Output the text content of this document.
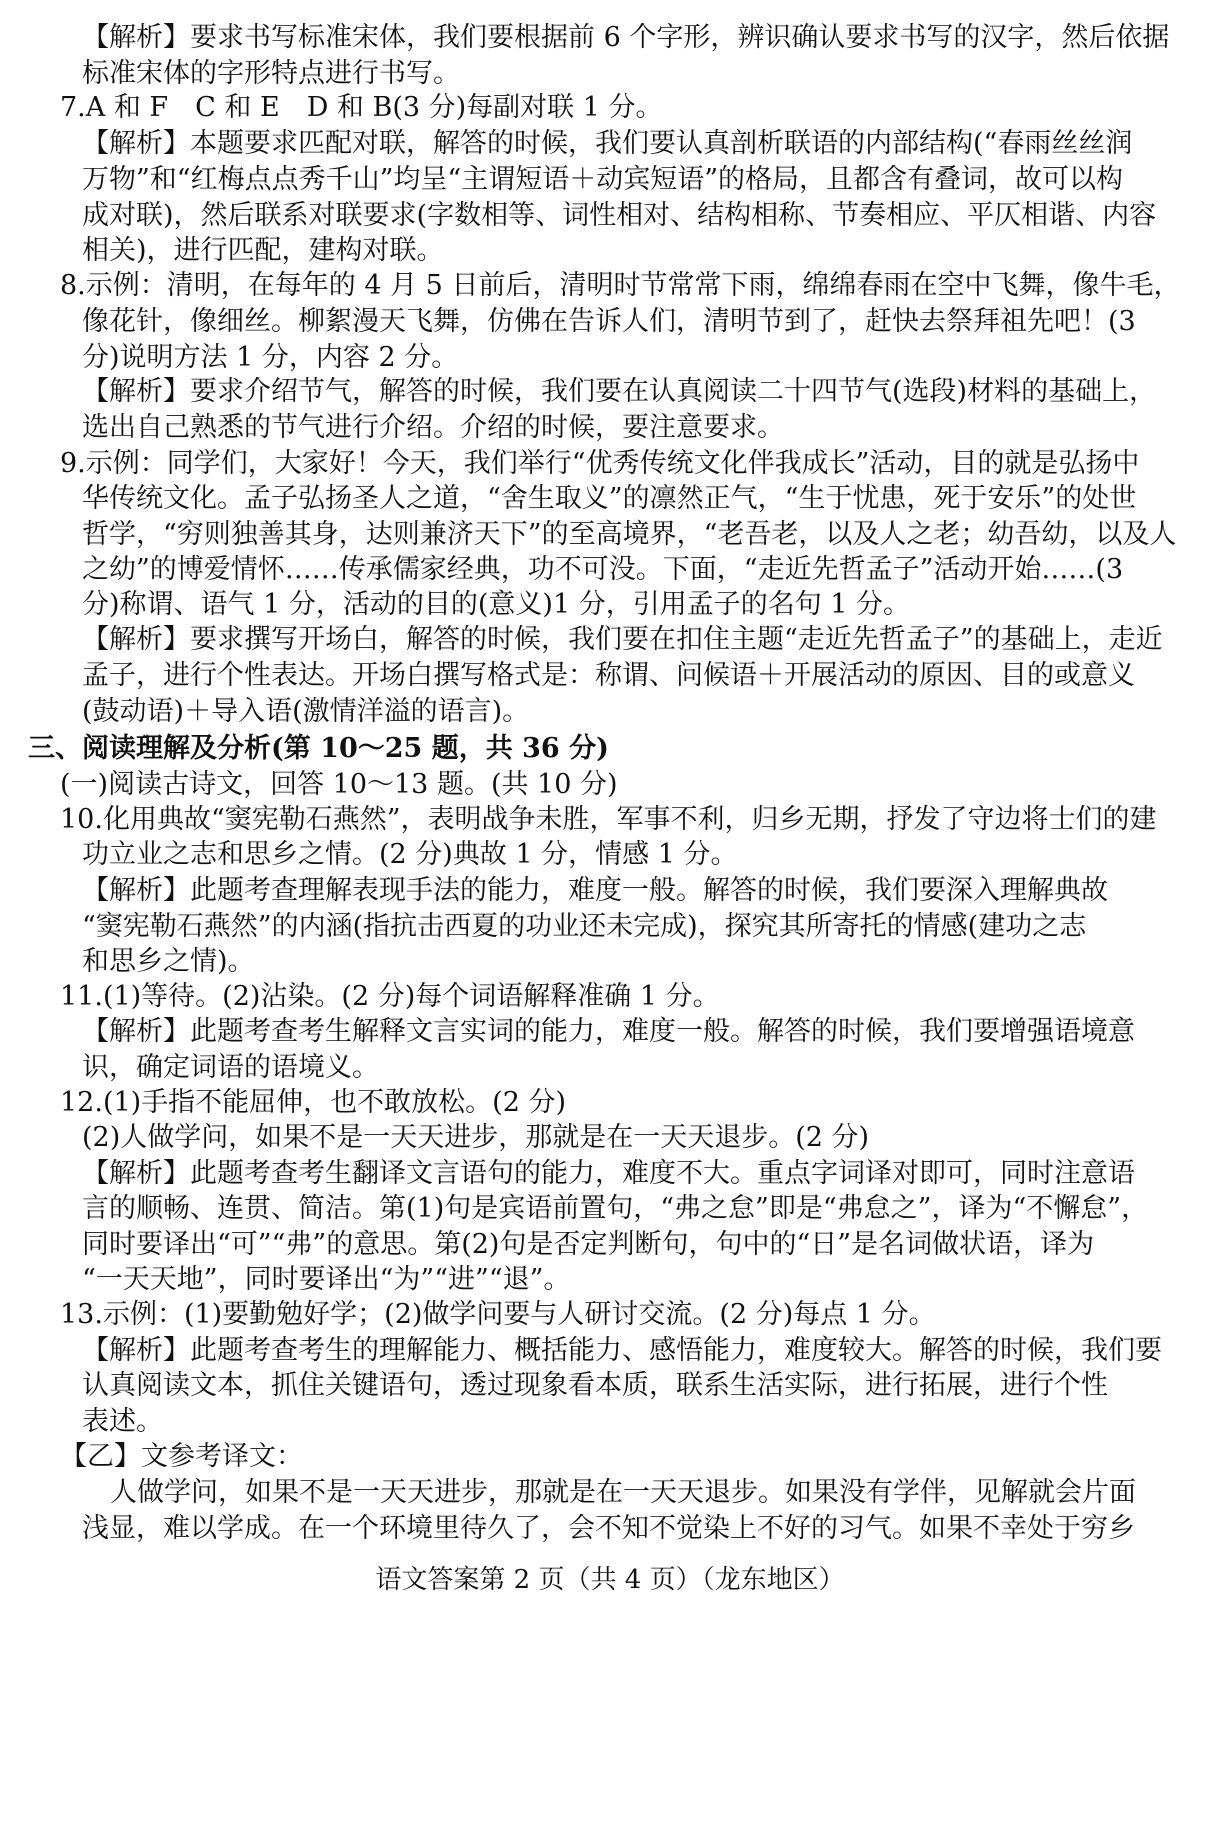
【解析】要求书写标准宋体，我们要根据前 6 个字形，辨识确认要求书写的汉字，然后依据
标准宋体的字形特点进行书写。
7.A 和 F　C 和 E　D 和 B(3 分)每副对联 1 分。
【解析】本题要求匹配对联，解答的时候，我们要认真剖析联语的内部结构(“春雨丝丝润
万物”和“红梅点点秀千山”均呈“主谓短语＋动宾短语”的格局，且都含有叠词，故可以构
成对联)，然后联系对联要求(字数相等、词性相对、结构相称、节奏相应、平仄相谐、内容
相关)，进行匹配，建构对联。
8.示例：清明，在每年的 4 月 5 日前后，清明时节常常下雨，绵绵春雨在空中飞舞，像牛毛，
像花针，像细丝。柳絮漫天飞舞，仿佛在告诉人们，清明节到了，赶快去祭拜祖先吧！(3
分)说明方法 1 分，内容 2 分。
【解析】要求介绍节气，解答的时候，我们要在认真阅读二十四节气(选段)材料的基础上，
选出自己熟悉的节气进行介绍。介绍的时候，要注意要求。
9.示例：同学们，大家好！今天，我们举行“优秀传统文化伴我成长”活动，目的就是弘扬中
华传统文化。孟子弘扬圣人之道，“舍生取义”的凛然正气，“生于忧患，死于安乐”的处世
哲学，“穷则独善其身，达则兼济天下”的至高境界，“老吾老，以及人之老；幼吾幼，以及人
之幼”的博爱情怀……传承儒家经典，功不可没。下面，“走近先哲孟子”活动开始……(3
分)称谓、语气 1 分，活动的目的(意义)1 分，引用孟子的名句 1 分。
【解析】要求撰写开场白，解答的时候，我们要在扣住主题“走近先哲孟子”的基础上，走近
孟子，进行个性表达。开场白撰写格式是：称谓、问候语＋开展活动的原因、目的或意义
(鼓动语)＋导入语(激情洋溢的语言)。
三、阅读理解及分析(第 10～25 题，共 36 分)
(一)阅读古诗文，回答 10～13 题。(共 10 分)
10.化用典故“窦宪勒石燕然”，表明战争未胜，军事不利，归乡无期，抒发了守边将士们的建
功立业之志和思乡之情。(2 分)典故 1 分，情感 1 分。
【解析】此题考查理解表现手法的能力，难度一般。解答的时候，我们要深入理解典故
“窦宪勒石燕然”的内涵(指抗击西夏的功业还未完成)，探究其所寄托的情感(建功之志
和思乡之情)。
11.(1)等待。(2)沾染。(2 分)每个词语解释准确 1 分。
【解析】此题考查考生解释文言实词的能力，难度一般。解答的时候，我们要增强语境意
识，确定词语的语境义。
12.(1)手指不能屈伸，也不敢放松。(2 分)
(2)人做学问，如果不是一天天进步，那就是在一天天退步。(2 分)
【解析】此题考查考生翻译文言语句的能力，难度不大。重点字词译对即可，同时注意语
言的顺畅、连贯、简洁。第(1)句是宾语前置句，“弗之怠”即是“弗怠之”，译为“不懈怠”，
同时要译出“可”“弗”的意思。第(2)句是否定判断句，句中的“日”是名词做状语，译为
“一天天地”，同时要译出“为”“进”“退”。
13.示例：(1)要勤勉好学；(2)做学问要与人研讨交流。(2 分)每点 1 分。
【解析】此题考查考生的理解能力、概括能力、感悟能力，难度较大。解答的时候，我们要
认真阅读文本，抓住关键语句，透过现象看本质，联系生活实际，进行拓展，进行个性
表述。
【乙】文参考译文：
人做学问，如果不是一天天进步，那就是在一天天退步。如果没有学伴，见解就会片面
浅显，难以学成。在一个环境里待久了，会不知不觉染上不好的习气。如果不幸处于穷乡
语文答案第 2 页（共 4 页）（龙东地区）
